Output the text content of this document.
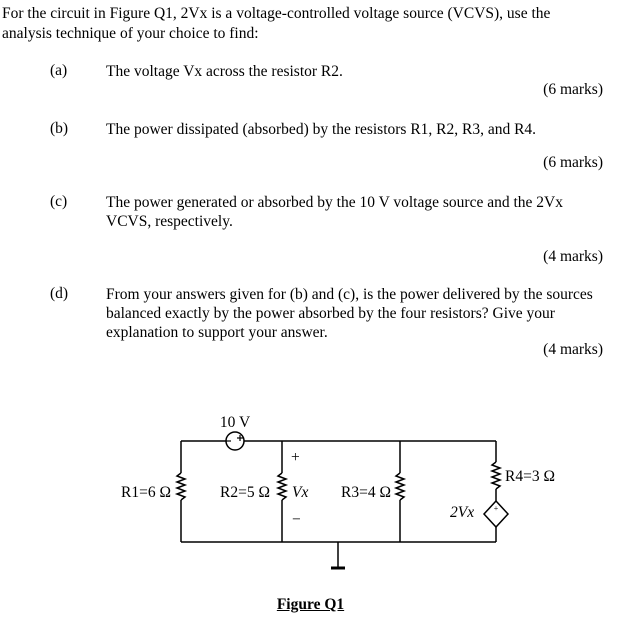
For the circuit in Figure Q1, 2Vx is a voltage-controlled voltage source (VCVS), use the analysis technique of your choice to find:
(a)	The voltage Vx across the resistor R2.
(6 marks)
(b) The power dissipated (absorbed) by the resistors R1, R2, R3, and R4.
(6 marks)
(c)	The power generated or absorbed by the 10 V voltage source and the 2Vx VCVS, respectively.
(4 marks)
(d) From your answers given for (b) and (c), is the power delivered by the sources balanced exactly by the power absorbed by the four resistors? Give your explanation to support your answer.
(4 marks)
+
10 V
R1=6 Ω	R2=5 Ω
+
Vx
−
R3=4 Ω
R4=3 Ω
2Vx
Figure Q1
